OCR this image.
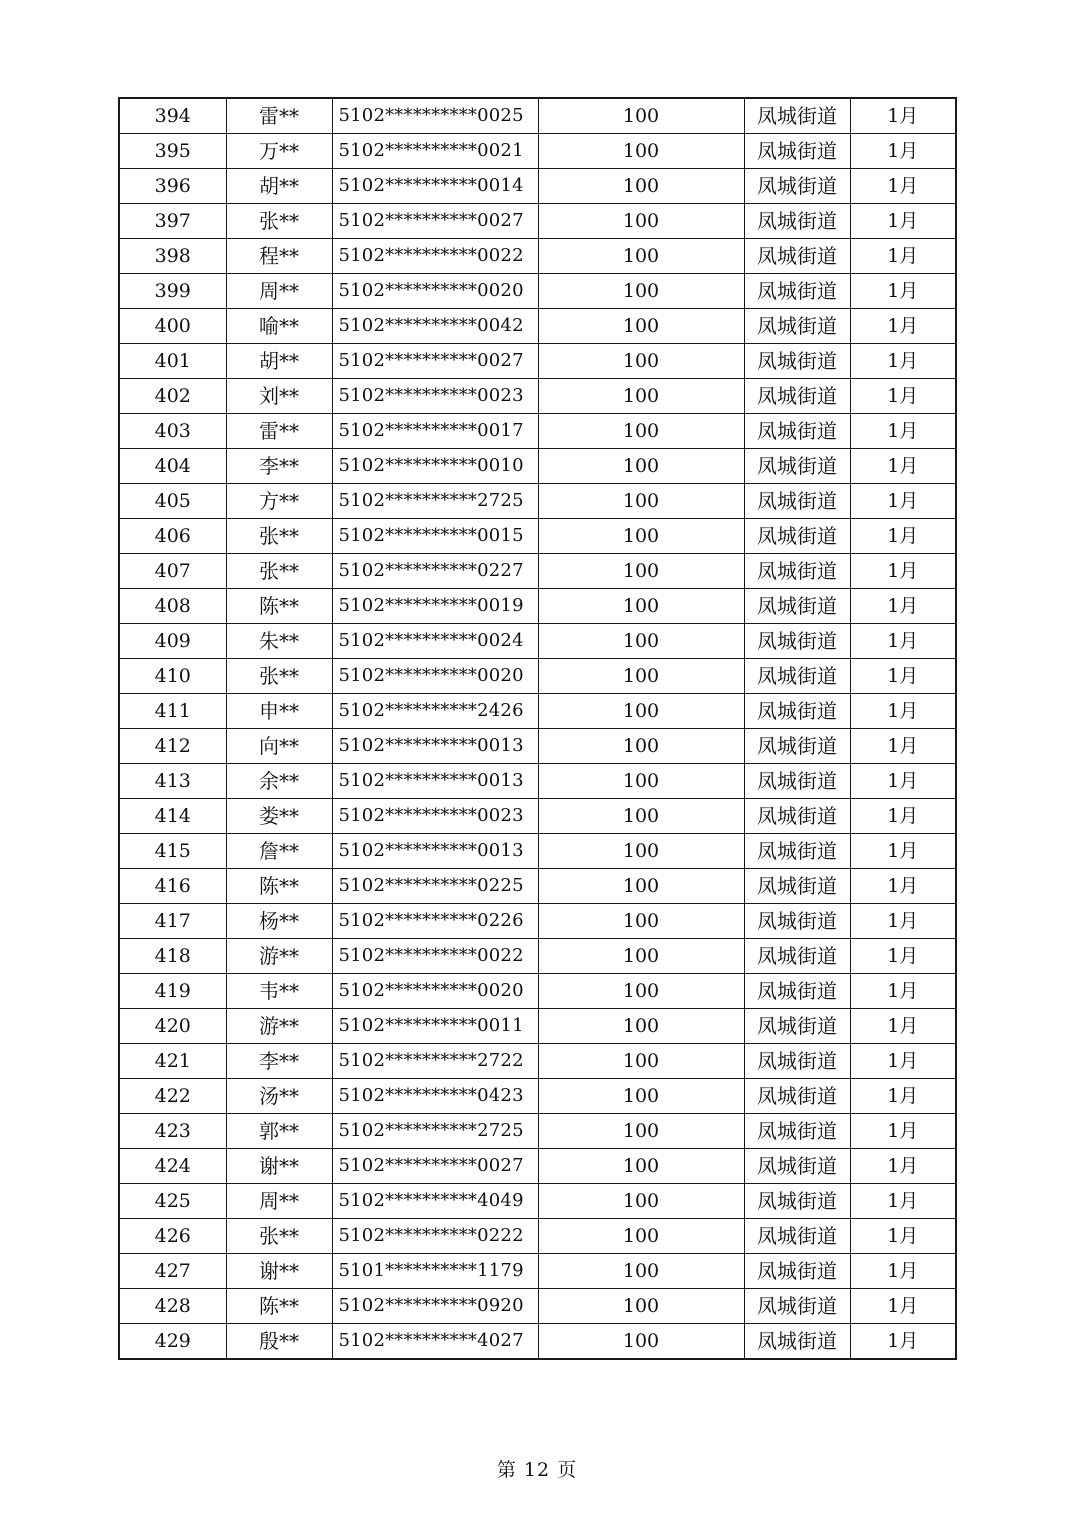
394	雷**	5102**********0025	100	凤城街道	1月
395	万**	5102**********0021	100	凤城街道	1月
396	胡**	5102**********0014	100	凤城街道	1月
397	张**	5102**********0027	100	凤城街道	1月
398	程**	5102**********0022	100	凤城街道	1月
399	周**	5102**********0020	100	凤城街道	1月
400	喻**	5102**********0042	100	凤城街道	1月
401	胡**	5102**********0027	100	凤城街道	1月
402	刘**	5102**********0023	100	凤城街道	1月
403	雷**	5102**********0017	100	凤城街道	1月
404	李**	5102**********0010	100	凤城街道	1月
405	方**	5102**********2725	100	凤城街道	1月
406	张**	5102**********0015	100	凤城街道	1月
407	张**	5102**********0227	100	凤城街道	1月
408	陈**	5102**********0019	100	凤城街道	1月
409	朱**	5102**********0024	100	凤城街道	1月
410	张**	5102**********0020	100	凤城街道	1月
411	申**	5102**********2426	100	凤城街道	1月
412	向**	5102**********0013	100	凤城街道	1月
413	余**	5102**********0013	100	凤城街道	1月
414	娄**	5102**********0023	100	凤城街道	1月
415	詹**	5102**********0013	100	凤城街道	1月
416	陈**	5102**********0225	100	凤城街道	1月
417	杨**	5102**********0226	100	凤城街道	1月
418	游**	5102**********0022	100	凤城街道	1月
419	韦**	5102**********0020	100	凤城街道	1月
420	游**	5102**********0011	100	凤城街道	1月
421	李**	5102**********2722	100	凤城街道	1月
422	汤**	5102**********0423	100	凤城街道	1月
423	郭**	5102**********2725	100	凤城街道	1月
424	谢**	5102**********0027	100	凤城街道	1月
425	周**	5102**********4049	100	凤城街道	1月
426	张**	5102**********0222	100	凤城街道	1月
427	谢**	5101**********1179	100	凤城街道	1月
428	陈**	5102**********0920	100	凤城街道	1月
429	殷**	5102**********4027	100	凤城街道	1月
第 12 页
